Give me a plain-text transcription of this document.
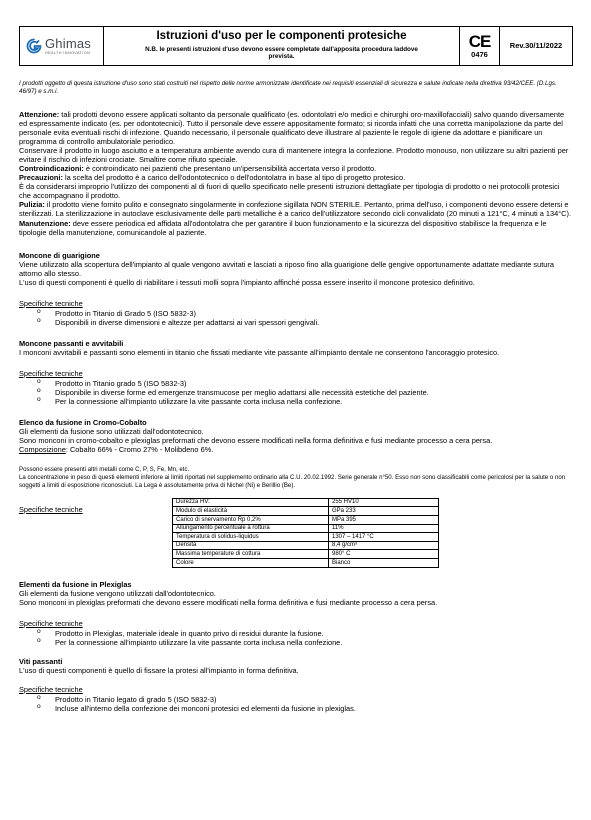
Ghimas
HEALTH INNOVATION
Istruzioni d'uso per le componenti protesiche
N.B. le presenti istruzioni d'uso devono essere completate dall'apposita procedura laddove prevista.
CE
0476
Rev.30/11/2022

I prodotti oggetto di questa istruzione d'uso sono stati costruiti nel rispetto delle norme armonizzate identificate nei requisiti essenziali di sicurezza e salute indicate nella direttiva 93/42/CEE. (D.Lgs. 46/97) e s.m.i.

Attenzione: tali prodotti devono essere applicati soltanto da personale qualificato (es. odontolatri e/o medici e chirurghi oro-maxillofacciali) salvo quando diversamente ed espressamente indicato (es. per odontotecnici). Tutto il personale deve essere appositamente formato; si ricorda infatti che una corretta manipolazione da parte del personale evita eventuali rischi di infezione. Quando necessario, il personale qualificato deve illustrare al paziente le regole di igiene da adottare e pianificare un programma di controllo ambulatoriale periodico.

Conservare il prodotto in luogo asciutto e a temperatura ambiente avendo cura di mantenere integra la confezione. Prodotto monouso, non utilizzare su altri pazienti per evitare il rischio di infezioni crociate. Smaltire come rifiuto speciale.

Controindicazioni: è controindicato nei pazienti che presentano un'ipersensibilità accertata verso il prodotto.

Precauzioni: la scelta del prodotto è a carico dell'odontotecnico o dell'odontolatra in base al tipo di progetto protesico.

È da considerarsi improprio l'utilizzo dei componenti al di fuori di quello specificato nelle presenti istruzioni dettagliate per tipologia di prodotto o nei protocolli protesici che accompagnano il prodotto.

Pulizia: il prodotto viene fornito pulito e consegnato singolarmente in confezione sigillata NON STERILE. Pertanto, prima dell'uso, i componenti devono essere detersi e sterilizzati. La sterilizzazione in autoclave esclusivamente delle parti metalliche è a carico dell'utilizzatore secondo cicli convalidato (20 minuti a 121°C, 4 minuti a 134°C).

Manutenzione: deve essere periodica ed affidata all'odontolatra che per garantire il buon funzionamento e la sicurezza del dispositivo stabilisce la frequenza e le tipologie della manutenzione, comunicandole al paziente.

Moncone di guarigione

Viene utilizzato alla scopertura dell'impianto al quale vengono avvitati e lasciati a riposo fino alla guarigione delle gengive opportunamente adattate mediante sutura

attorno allo stesso.

L'uso di questi componenti è quello di riabilitare i tessuti molli sopra l'impianto affinché possa essere inserito il moncone protesico definitivo.

Specifiche tecniche
o Prodotto in Titanio di Grado 5 (ISO 5832-3)
o Disponibili in diverse dimensioni e altezze per adattarsi ai vari spessori gengivali.
Moncone passanti e avvitabili

I monconi avvitabili e passanti sono elementi in titanio che fissati mediante vite passante all'impianto dentale ne consentono l'ancoraggio protesico.

Specifiche tecniche
o Prodotto in Titanio grado 5 (ISO 5832-3)
o Disponibile in diverse forme ed emergenze transmucose per meglio adattarsi alle necessità estetiche del paziente.
o Per la connessione all'impianto utilizzare la vite passante corta inclusa nella confezione.
Elenco da fusione in Cromo-Cobalto

Gli elementi da fusione sono utilizzati dall'odontotecnico.

Sono monconi in cromo-cobalto e plexiglas preformati che devono essere modificati nella forma definitiva e fusi mediante processo a cera persa.

Composizione: Cobalto 66% - Cromo 27% - Molibdeno 6%.

Possono essere presenti altri metalli come C, P, S, Fe, Mn, etc.

La concentrazione in peso di questi elementi inferiore ai limiti riportati nel supplemento ordinario alla C.U. 20.02.1992. Serie generale n°50. Esso non sono classificabili come pericolosi per la salute o non soggetti a limiti di esposizione riconosciuti. La Lega è assolutamente priva di Nichel (Ni) e Berillio (Be).

Specifiche tecniche
Durezza HV:	255 HV10
Modulo di elasticità	GPa 233
Carico di snervamento Rp 0,2%	MPa 395
Allungamento percentuale a rottura	11%
Temperatura di solidus-liquidus	1307 – 1417 °C
Densità	8,4 g/cm³
Massima temperature di cottura	980° C
Colore	Bianco
Elementi da fusione in Plexiglas

Gli elementi da fusione vengono utilizzati dall'odontotecnico.

Sono monconi in plexiglas preformati che devono essere modificati nella forma definitiva e fusi mediante processo a cera persa.

Specifiche tecniche
o Prodotto in Plexiglas, materiale ideale in quanto privo di residui durante la fusione.
o Per la connessione all'impianto utilizzare la vite passante corta inclusa nella confezione.
Viti passanti

L'uso di questi componenti è quello di fissare la protesi all'impianto in forma definitiva.

Specifiche tecniche
o Prodotto in Titanio legato di grado 5 (ISO 5832-3)
o Incluse all'interno della confezione dei monconi protesici ed elementi da fusione in plexiglas.
